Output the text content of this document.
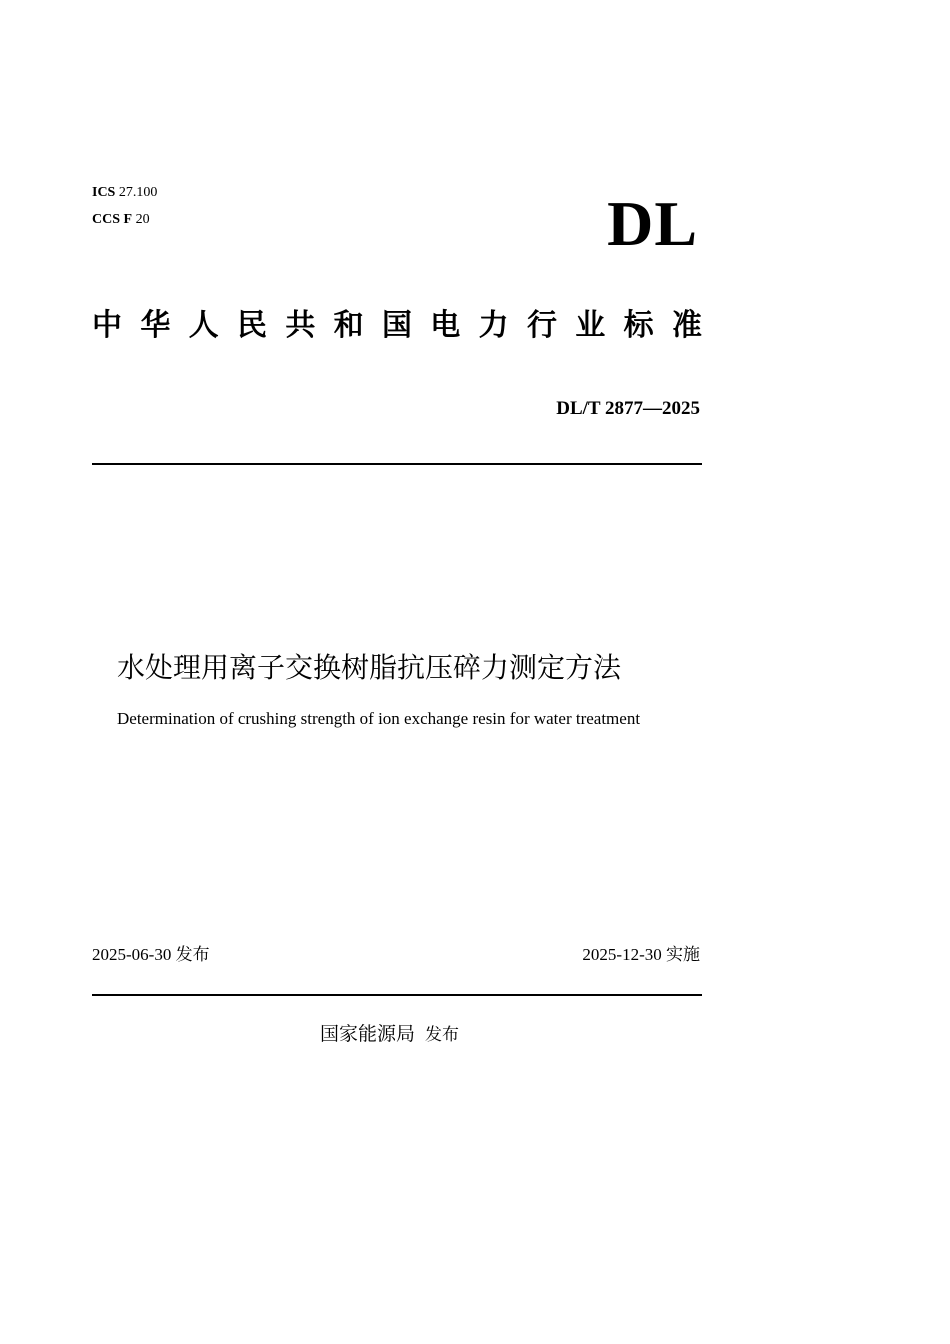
ICS 27.100
CCS F 20	DL
中 华 人 民 共 和 国 电 力 行 业 标 准
DL/T 2877—2025
水处理用离子交换树脂抗压碎力测定方法
Determination of crushing strength of ion exchange resin for water treatment
2025-06-30 发布	2025-12-30 实施
国家能源局 发布
